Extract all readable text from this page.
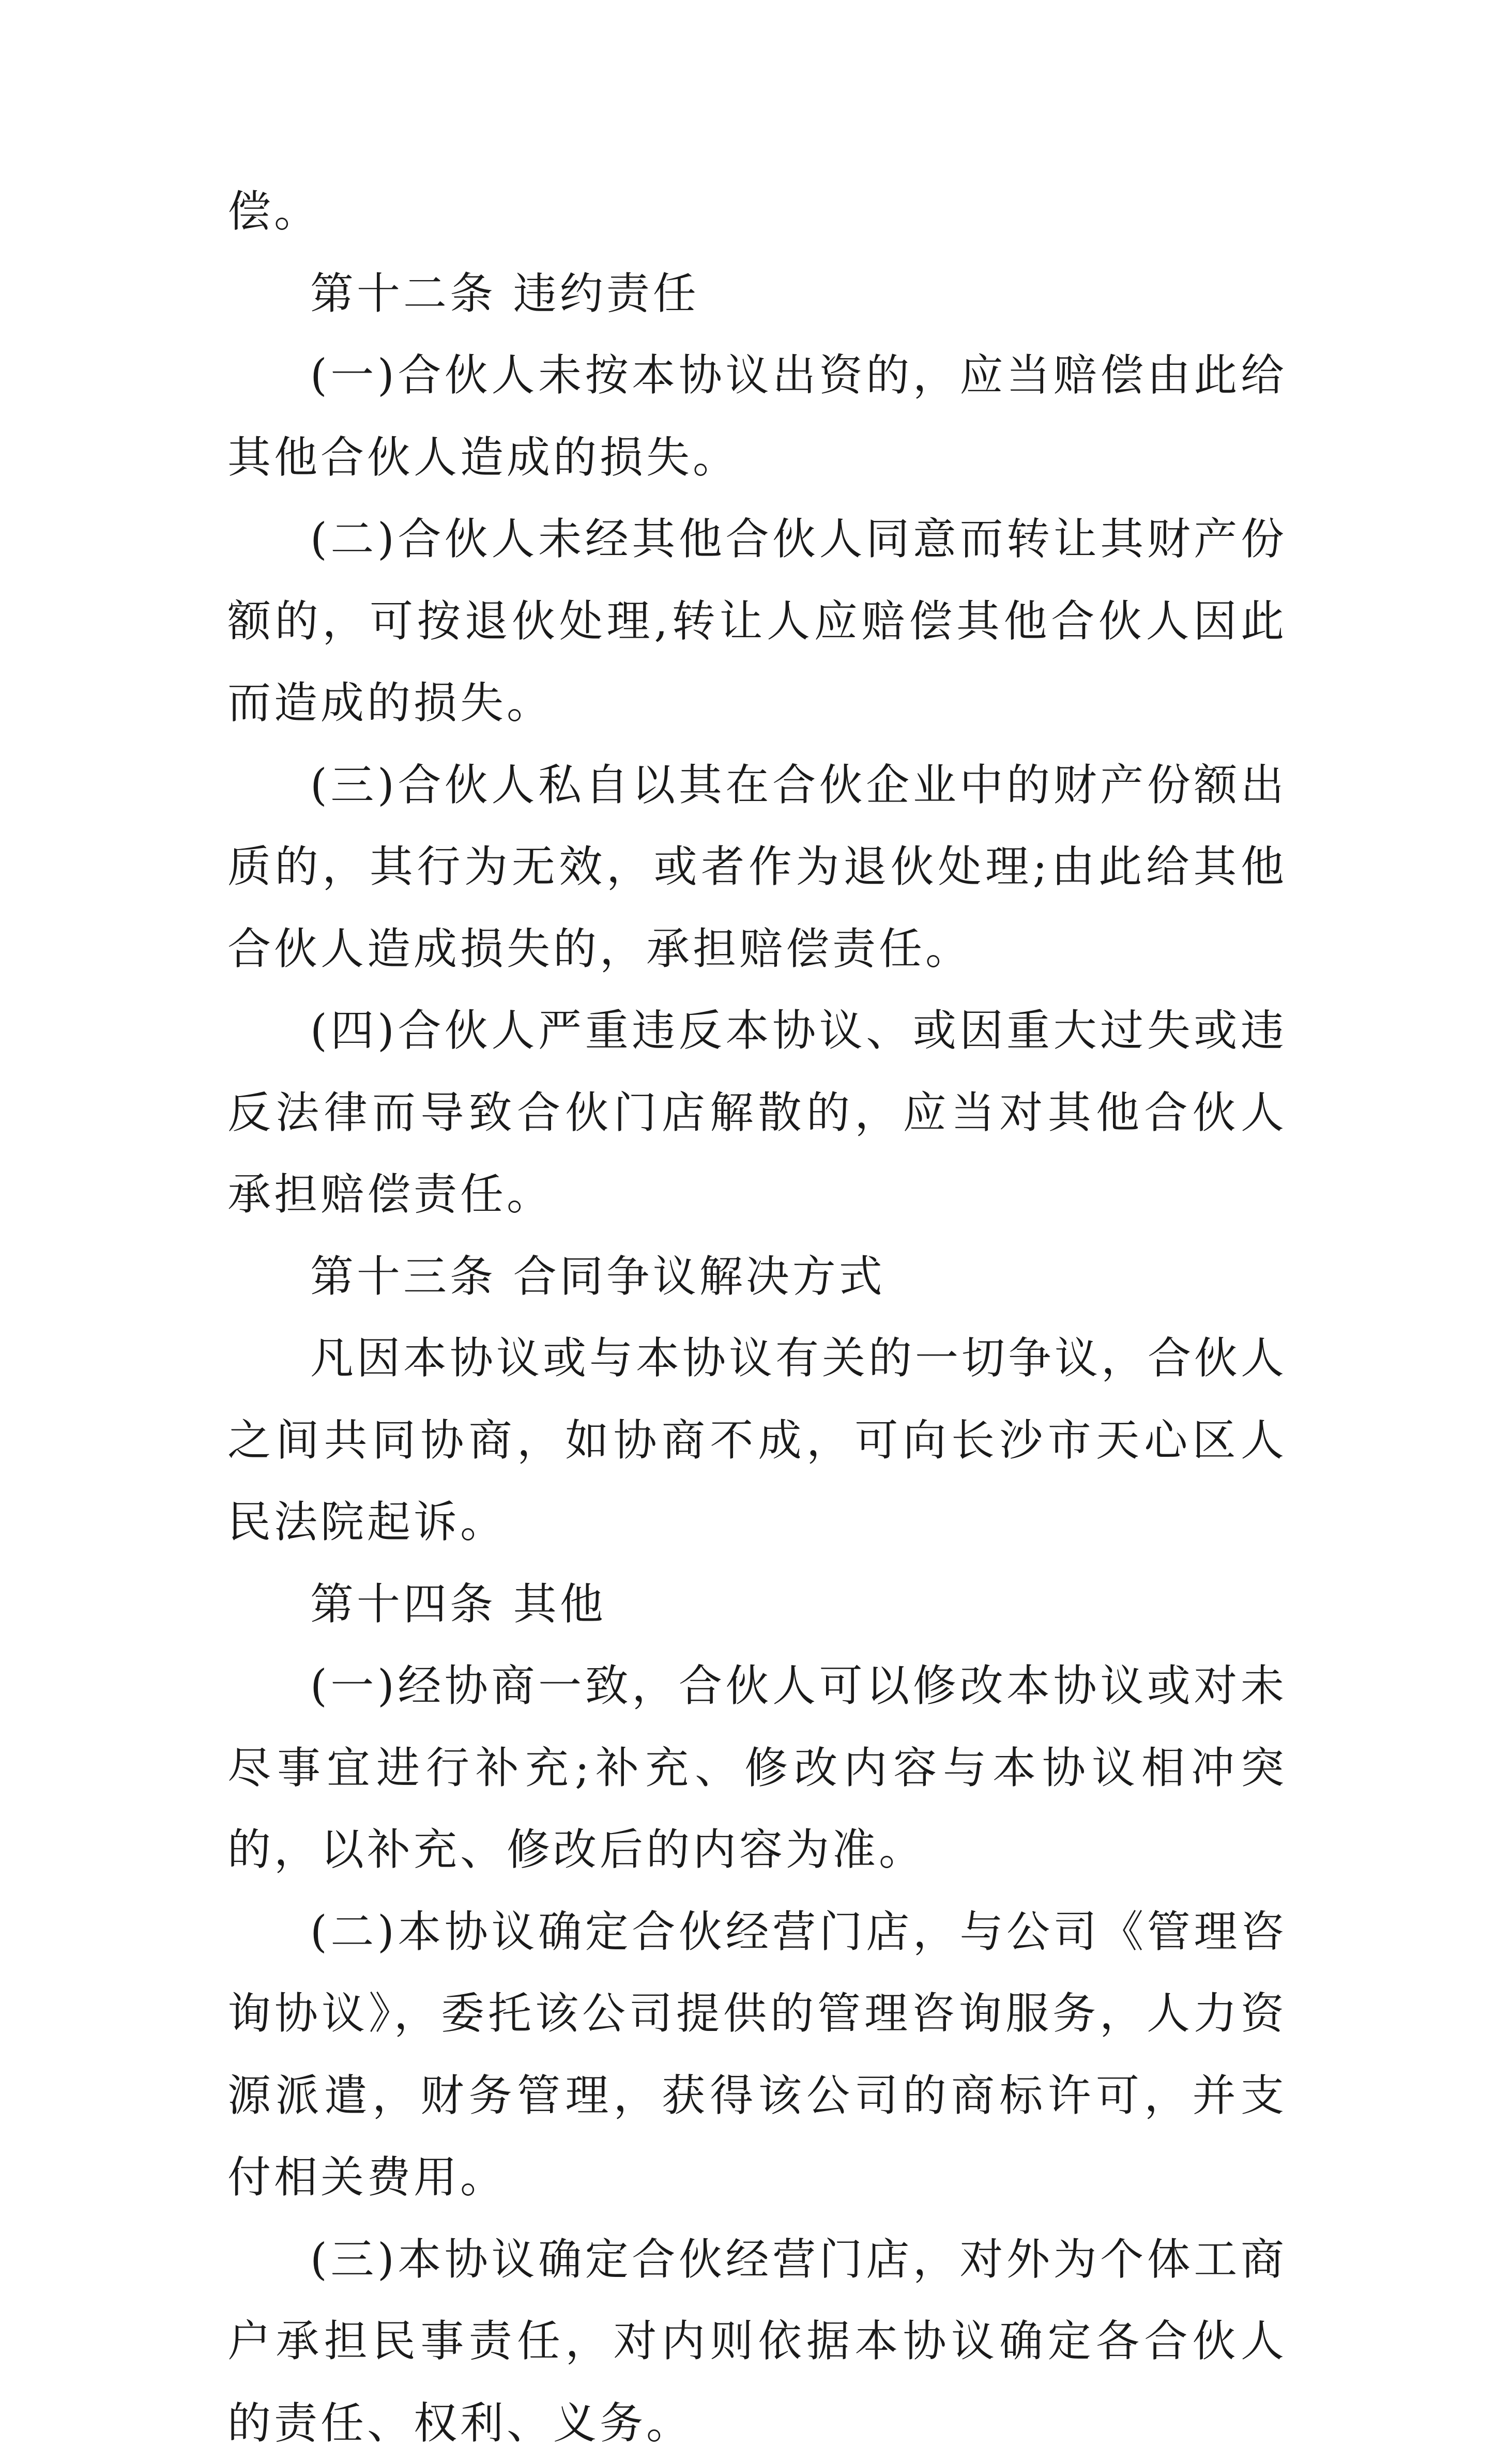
偿。

第十二条 违约责任

(一)合伙人未按本协议出资的，应当赔偿由此给其他合伙人造成的损失。

(二)合伙人未经其他合伙人同意而转让其财产份额的，可按退伙处理,转让人应赔偿其他合伙人因此而造成的损失。

(三)合伙人私自以其在合伙企业中的财产份额出质的，其行为无效，或者作为退伙处理;由此给其他合伙人造成损失的，承担赔偿责任。

(四)合伙人严重违反本协议、或因重大过失或违反法律而导致合伙门店解散的，应当对其他合伙人承担赔偿责任。

第十三条 合同争议解决方式

凡因本协议或与本协议有关的一切争议，合伙人之间共同协商，如协商不成，可向长沙市天心区人民法院起诉。

第十四条 其他

(一)经协商一致，合伙人可以修改本协议或对未尽事宜进行补充;补充、修改内容与本协议相冲突的，以补充、修改后的内容为准。

(二)本协议确定合伙经营门店，与公司《管理咨询协议》，委托该公司提供的管理咨询服务，人力资源派遣，财务管理，获得该公司的商标许可，并支付相关费用。

(三)本协议确定合伙经营门店，对外为个体工商户承担民事责任，对内则依据本协议确定各合伙人的责任、权利、义务。
